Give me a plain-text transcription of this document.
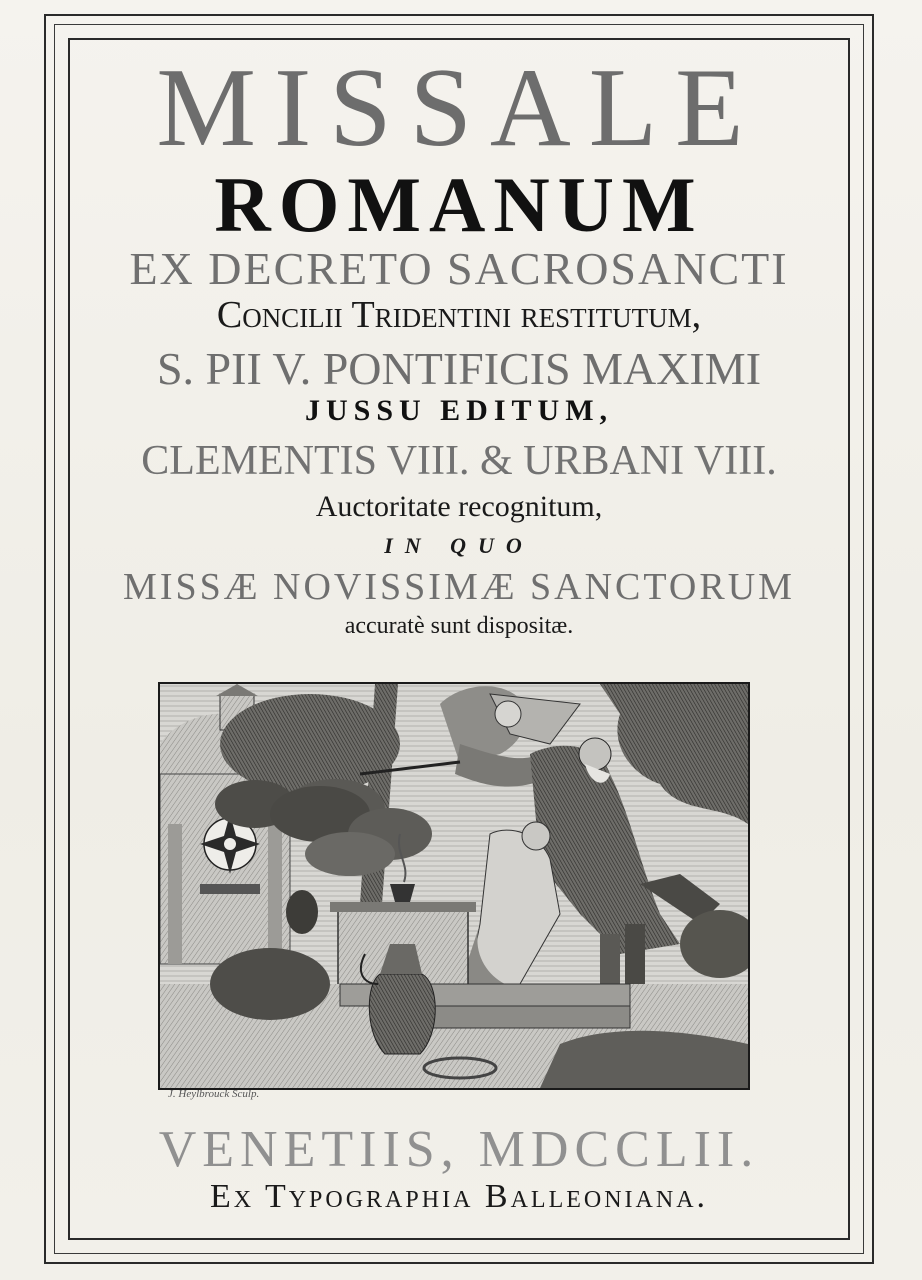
MISSALE

ROMANUM

EX DECRETO SACROSANCTI

Concilii Tridentini restitutum,

S. PII V. PONTIFICIS MAXIMI

JUSSU EDITUM,

CLEMENTIS VIII. & URBANI VIII.

Auctoritate recognitum,

IN QUO

MISSÆ NOVISSIMÆ SANCTORUM

accuratè sunt dispositæ.

J. Heylbrouck Sculp.

VENETIIS, MDCCLII.

Ex Typographia Balleoniana.
